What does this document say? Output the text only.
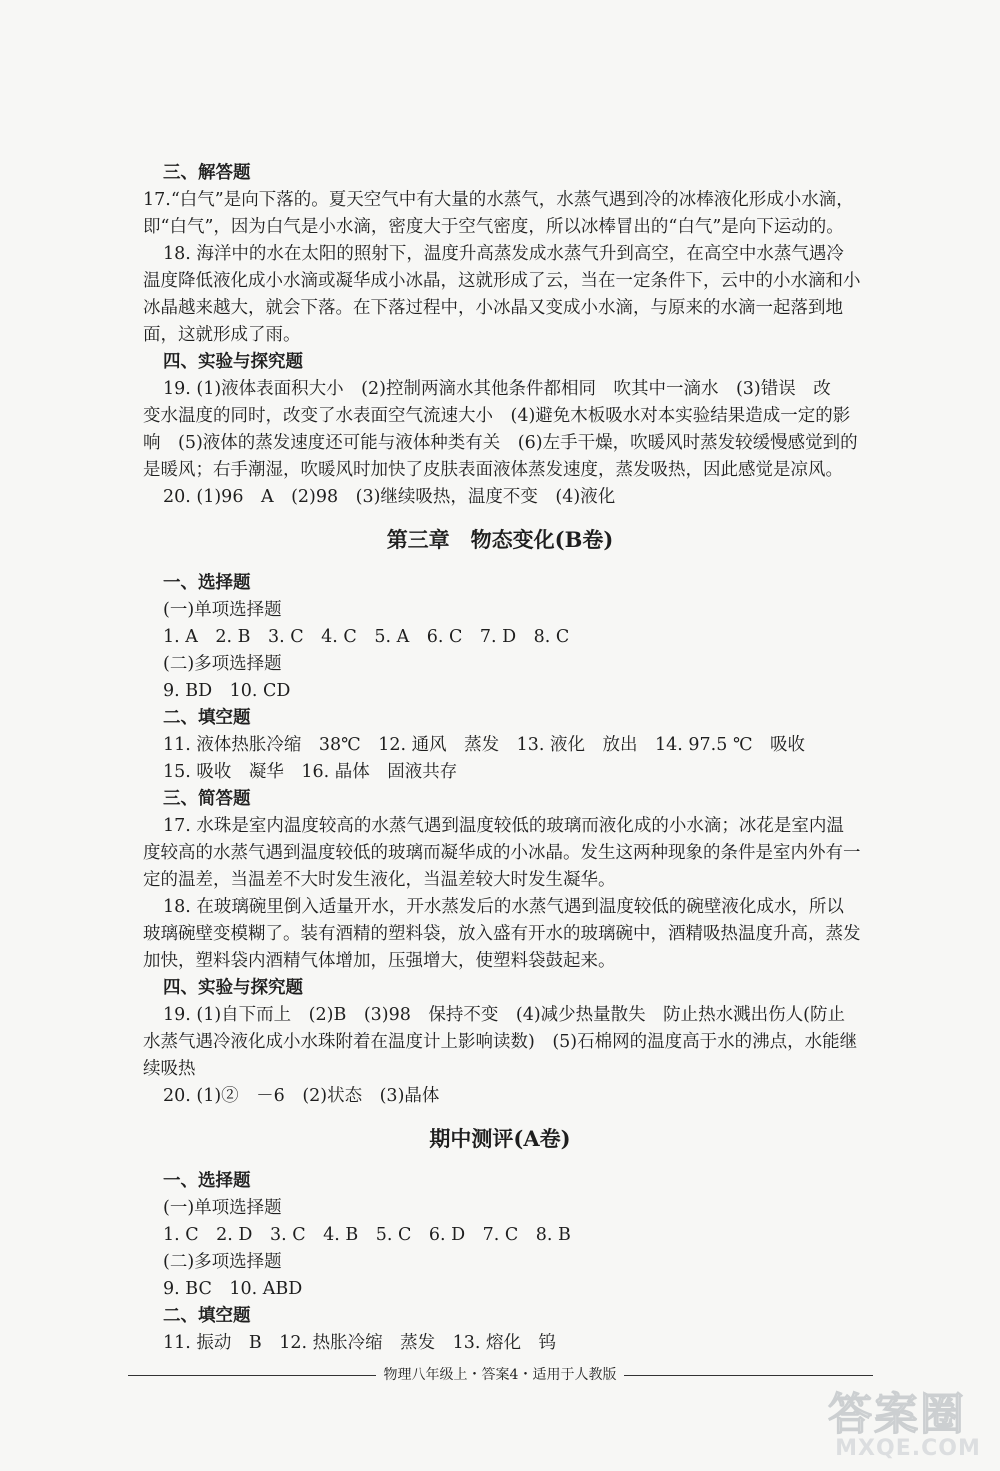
三、解答题
17.“白气”是向下落的。夏天空气中有大量的水蒸气，水蒸气遇到冷的冰棒液化形成小水滴，
即“白气”，因为白气是小水滴，密度大于空气密度，所以冰棒冒出的“白气”是向下运动的。
18. 海洋中的水在太阳的照射下，温度升高蒸发成水蒸气升到高空，在高空中水蒸气遇冷
温度降低液化成小水滴或凝华成小冰晶，这就形成了云，当在一定条件下，云中的小水滴和小
冰晶越来越大，就会下落。在下落过程中，小冰晶又变成小水滴，与原来的水滴一起落到地
面，这就形成了雨。
四、实验与探究题
19. (1)液体表面积大小　(2)控制两滴水其他条件都相同　吹其中一滴水　(3)错误　改
变水温度的同时，改变了水表面空气流速大小　(4)避免木板吸水对本实验结果造成一定的影
响　(5)液体的蒸发速度还可能与液体种类有关　(6)左手干燥，吹暖风时蒸发较缓慢感觉到的
是暖风；右手潮湿，吹暖风时加快了皮肤表面液体蒸发速度，蒸发吸热，因此感觉是凉风。
20. (1)96　A　(2)98　(3)继续吸热，温度不变　(4)液化
第三章　物态变化(B卷)
一、选择题
(一)单项选择题
1. A　2. B　3. C　4. C　5. A　6. C　7. D　8. C
(二)多项选择题
9. BD　10. CD
二、填空题
11. 液体热胀冷缩　38℃　12. 通风　蒸发　13. 液化　放出　14. 97.5 ℃　吸收
15. 吸收　凝华　16. 晶体　固液共存
三、简答题
17. 水珠是室内温度较高的水蒸气遇到温度较低的玻璃而液化成的小水滴；冰花是室内温
度较高的水蒸气遇到温度较低的玻璃而凝华成的小冰晶。发生这两种现象的条件是室内外有一
定的温差，当温差不大时发生液化，当温差较大时发生凝华。
18. 在玻璃碗里倒入适量开水，开水蒸发后的水蒸气遇到温度较低的碗壁液化成水，所以
玻璃碗壁变模糊了。装有酒精的塑料袋，放入盛有开水的玻璃碗中，酒精吸热温度升高，蒸发
加快，塑料袋内酒精气体增加，压强增大，使塑料袋鼓起来。
四、实验与探究题
19. (1)自下而上　(2)B　(3)98　保持不变　(4)减少热量散失　防止热水溅出伤人(防止
水蒸气遇冷液化成小水珠附着在温度计上影响读数)　(5)石棉网的温度高于水的沸点，水能继
续吸热
20. (1)②　－6　(2)状态　(3)晶体
期中测评(A卷)
一、选择题
(一)单项选择题
1. C　2. D　3. C　4. B　5. C　6. D　7. C　8. B
(二)多项选择题
9. BC　10. ABD
二、填空题
11. 振动　B　12. 热胀冷缩　蒸发　13. 熔化　钨
物理八年级上・答案4・适用于人教版
答案圈
MXQE.COM
